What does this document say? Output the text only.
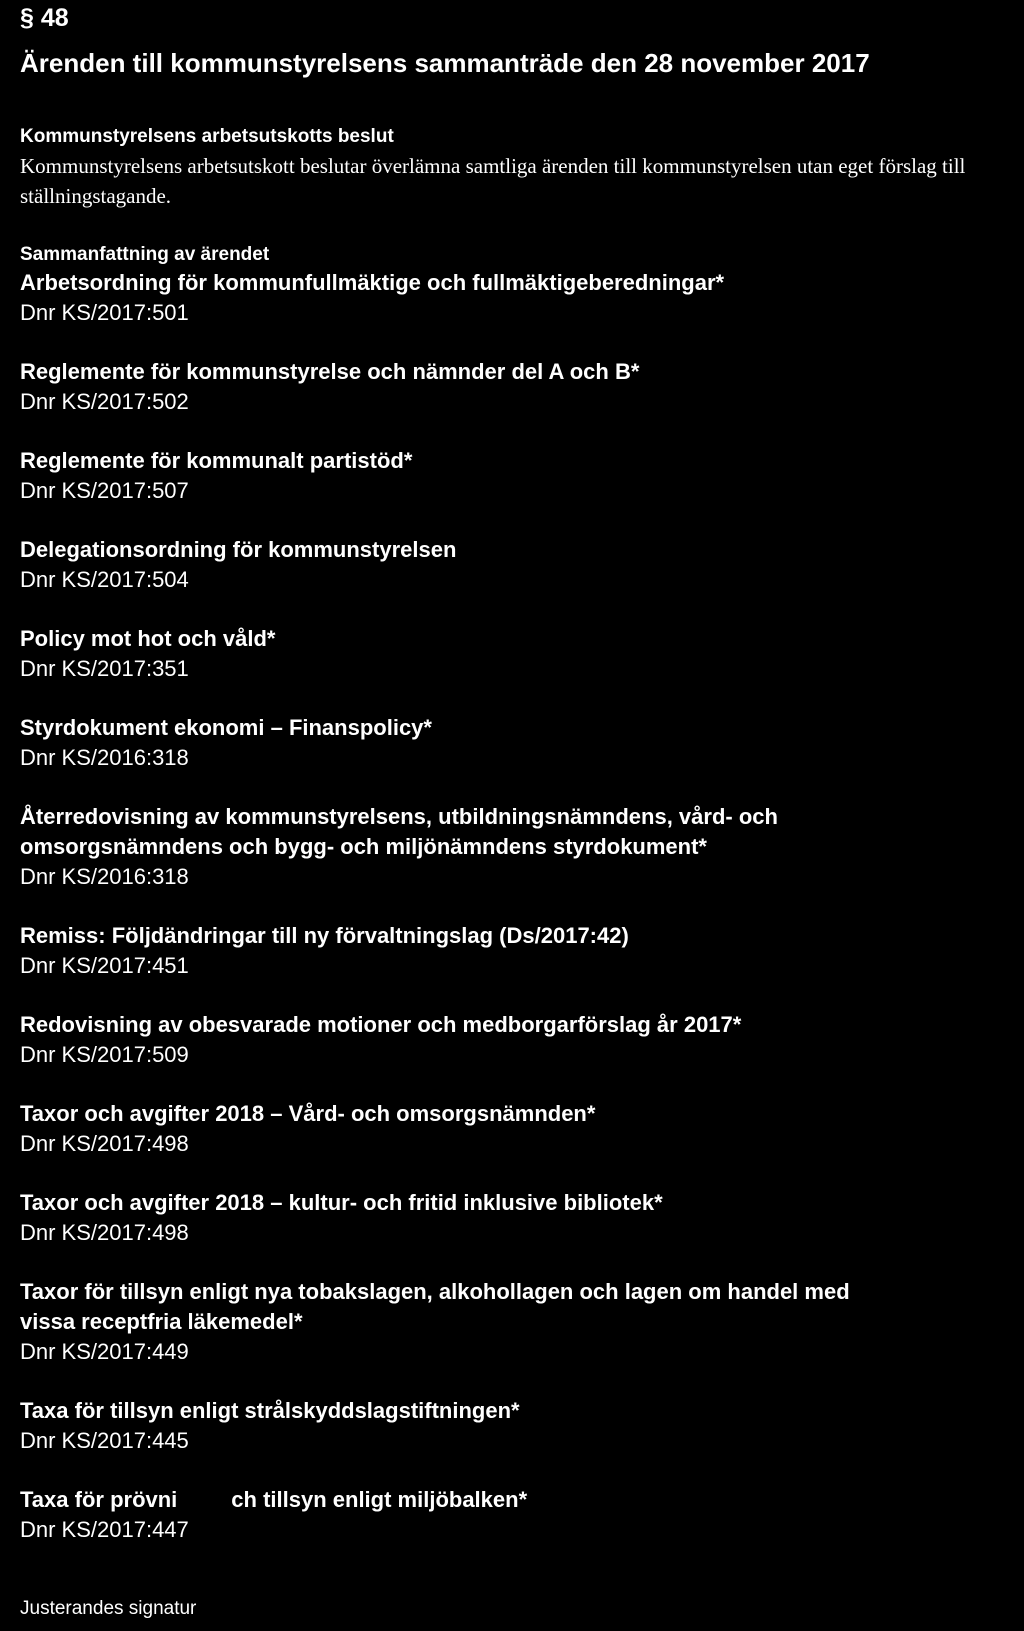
§ 48
Ärenden till kommunstyrelsens sammanträde den 28 november 2017
Kommunstyrelsens arbetsutskotts beslut

Kommunstyrelsens arbetsutskott beslutar överlämna samtliga ärenden till kommunstyrelsen utan eget förslag till ställningstagande.

Sammanfattning av ärendet

Arbetsordning för kommunfullmäktige och fullmäktigeberedningar*

Dnr KS/2017:501

Reglemente för kommunstyrelse och nämnder del A och B*

Dnr KS/2017:502

Reglemente för kommunalt partistöd*

Dnr KS/2017:507

Delegationsordning för kommunstyrelsen

Dnr KS/2017:504

Policy mot hot och våld*

Dnr KS/2017:351

Styrdokument ekonomi – Finanspolicy*

Dnr KS/2016:318

Återredovisning av kommunstyrelsens, utbildningsnämndens, vård- och

omsorgsnämndens och bygg- och miljönämndens styrdokument*

Dnr KS/2016:318

Remiss: Följdändringar till ny förvaltningslag (Ds/2017:42)

Dnr KS/2017:451

Redovisning av obesvarade motioner och medborgarförslag år 2017*

Dnr KS/2017:509

Taxor och avgifter 2018 – Vård- och omsorgsnämnden*

Dnr KS/2017:498

Taxor och avgifter 2018 – kultur- och fritid inklusive bibliotek*

Dnr KS/2017:498

Taxor för tillsyn enligt nya tobakslagen, alkohollagen och lagen om handel med

vissa receptfria läkemedel*

Dnr KS/2017:449

Taxa för tillsyn enligt strålskyddslagstiftningen*

Dnr KS/2017:445

Taxa för prövni ch tillsyn enligt miljöbalken*

Dnr KS/2017:447

Justerandes signatur
